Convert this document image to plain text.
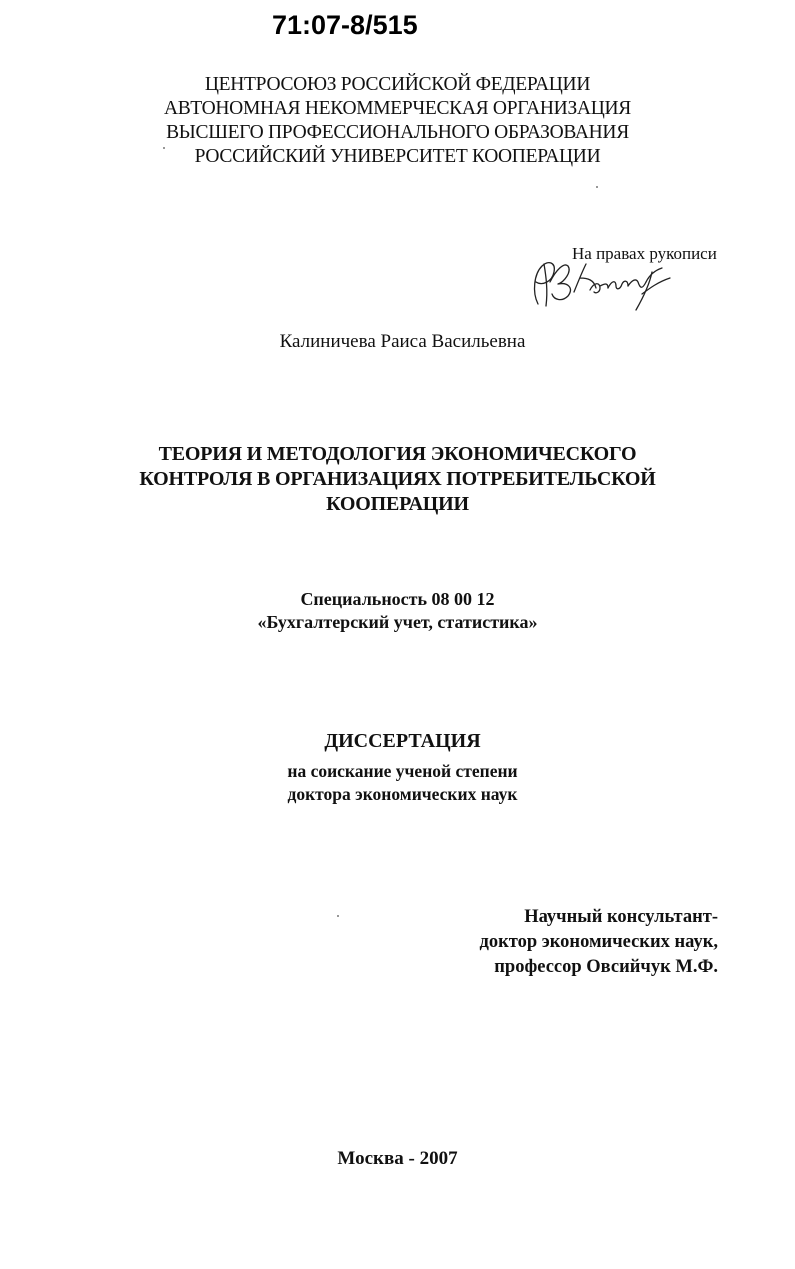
71:07-8/515
ЦЕНТРОСОЮЗ РОССИЙСКОЙ ФЕДЕРАЦИИ
АВТОНОМНАЯ НЕКОММЕРЧЕСКАЯ ОРГАНИЗАЦИЯ
ВЫСШЕГО ПРОФЕССИОНАЛЬНОГО ОБРАЗОВАНИЯ
РОССИЙСКИЙ УНИВЕРСИТЕТ КООПЕРАЦИИ
На правах рукописи
Калиничева Раиса Васильевна
ТЕОРИЯ И МЕТОДОЛОГИЯ ЭКОНОМИЧЕСКОГО
КОНТРОЛЯ В ОРГАНИЗАЦИЯХ ПОТРЕБИТЕЛЬСКОЙ
КООПЕРАЦИИ
Специальность 08 00 12
«Бухгалтерский учет, статистика»
ДИССЕРТАЦИЯ
на соискание ученой степени
доктора экономических наук
Научный консультант-
доктор экономических наук,
профессор Овсийчук М.Ф.
Москва - 2007
